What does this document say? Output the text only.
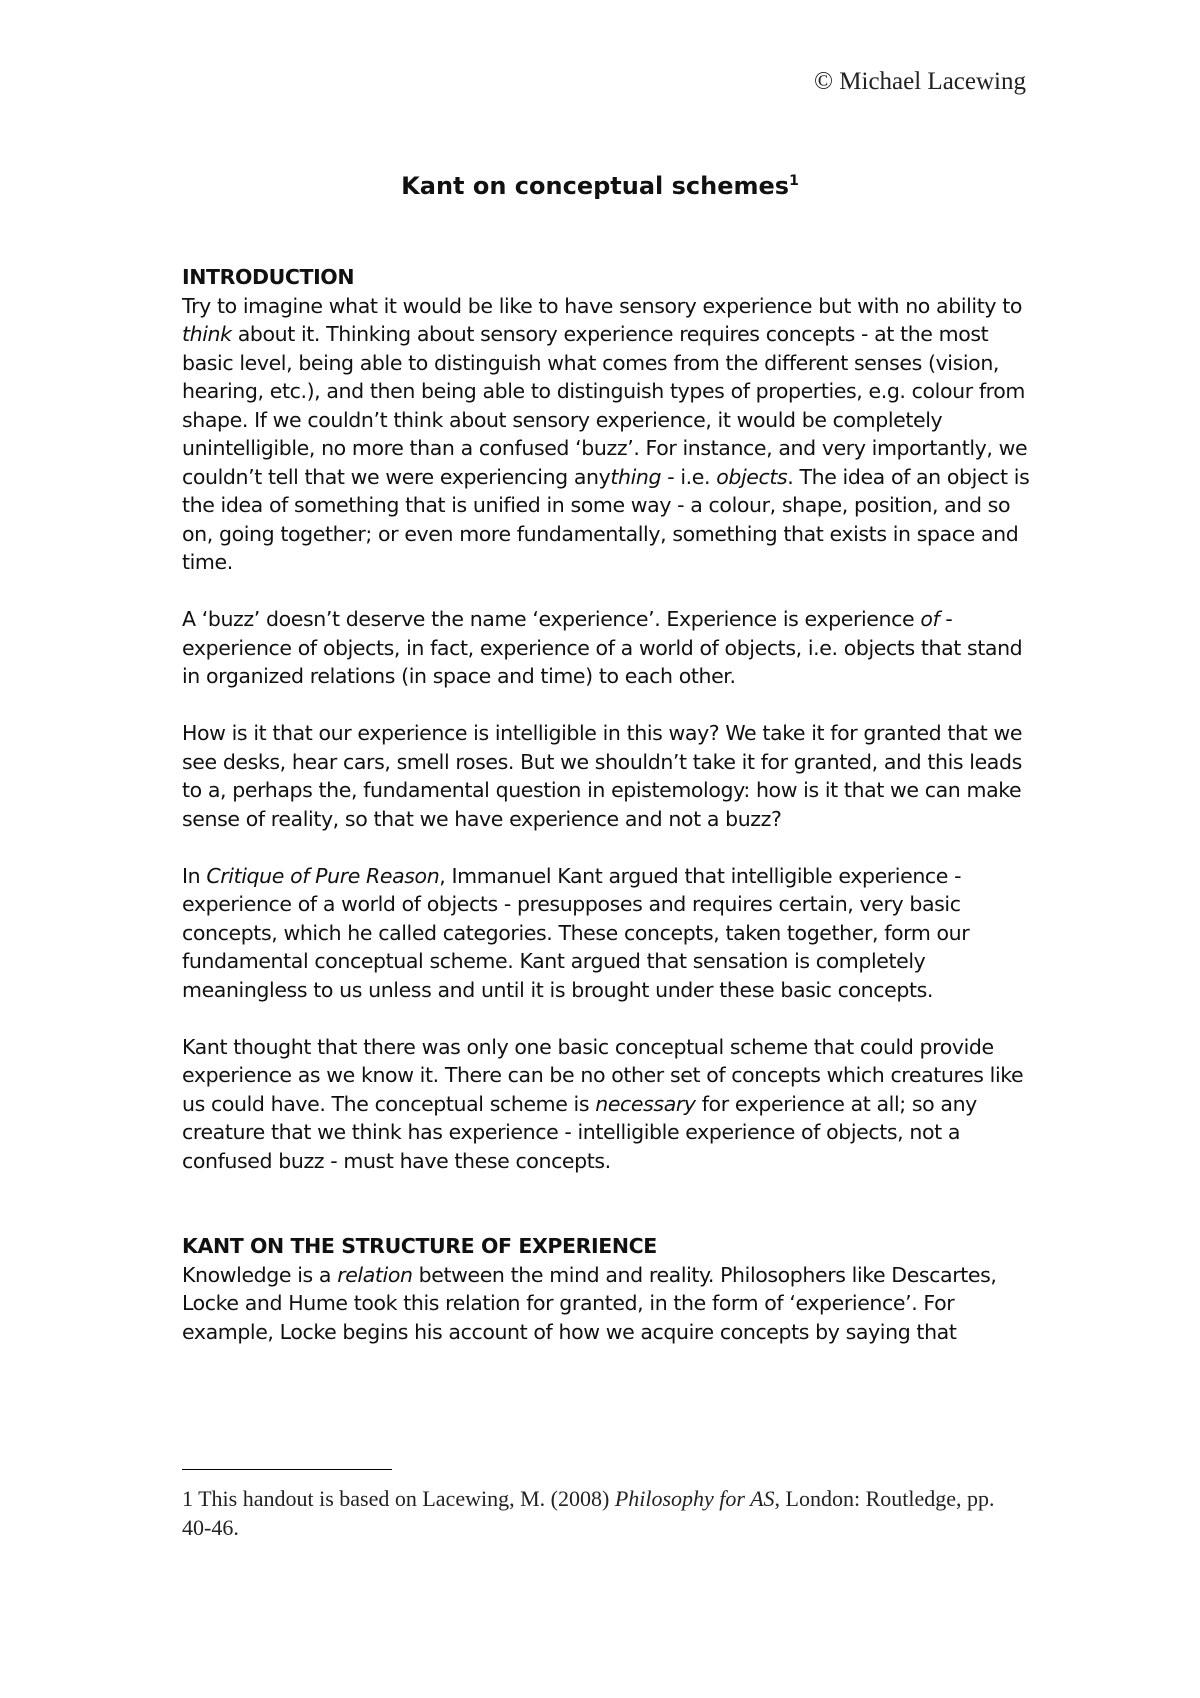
© Michael Lacewing
Kant on conceptual schemes$^1$
INTRODUCTION

Try to imagine what it would be like to have sensory experience but with no ability to think about it. Thinking about sensory experience requires concepts - at the most basic level, being able to distinguish what comes from the different senses (vision, hearing, etc.), and then being able to distinguish types of properties, e.g. colour from shape. If we couldn’t think about sensory experience, it would be completely unintelligible, no more than a confused ‘buzz’. For instance, and very importantly, we couldn’t tell that we were experiencing anything - i.e. objects. The idea of an object is the idea of something that is unified in some way - a colour, shape, position, and so on, going together; or even more fundamentally, something that exists in space and time.

A ‘buzz’ doesn’t deserve the name ‘experience’. Experience is experience of - experience of objects, in fact, experience of a world of objects, i.e. objects that stand in organized relations (in space and time) to each other.

How is it that our experience is intelligible in this way? We take it for granted that we see desks, hear cars, smell roses. But we shouldn’t take it for granted, and this leads to a, perhaps the, fundamental question in epistemology: how is it that we can make sense of reality, so that we have experience and not a buzz?

In Critique of Pure Reason, Immanuel Kant argued that intelligible experience - experience of a world of objects - presupposes and requires certain, very basic concepts, which he called categories. These concepts, taken together, form our fundamental conceptual scheme. Kant argued that sensation is completely meaningless to us unless and until it is brought under these basic concepts.

Kant thought that there was only one basic conceptual scheme that could provide experience as we know it. There can be no other set of concepts which creatures like us could have. The conceptual scheme is necessary for experience at all; so any creature that we think has experience - intelligible experience of objects, not a confused buzz - must have these concepts.

KANT ON THE STRUCTURE OF EXPERIENCE

Knowledge is a relation between the mind and reality. Philosophers like Descartes, Locke and Hume took this relation for granted, in the form of ‘experience’. For example, Locke begins his account of how we acquire concepts by saying that

1 This handout is based on Lacewing, M. (2008) Philosophy for AS, London: Routledge, pp. 40-46.
